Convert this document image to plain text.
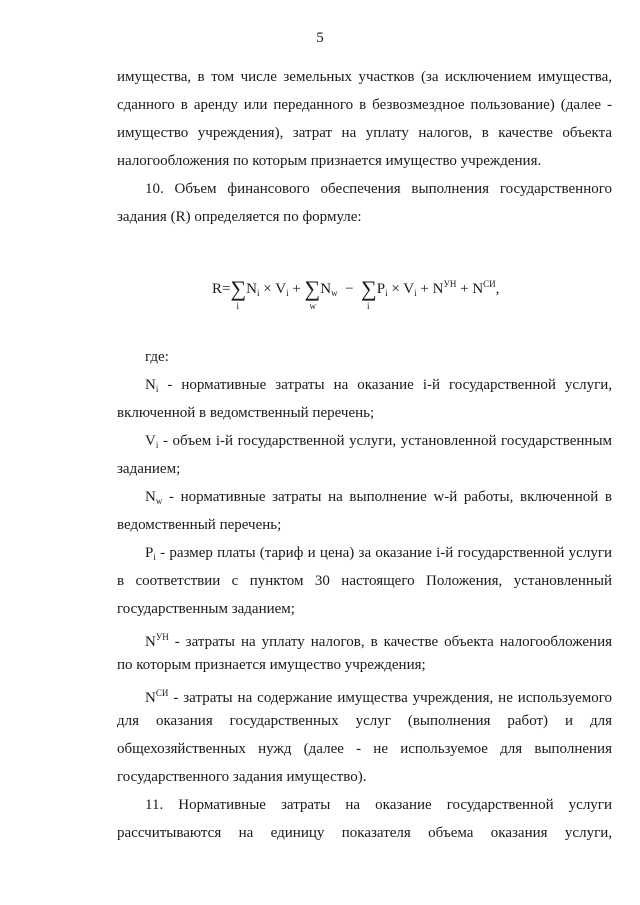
5
имущества, в том числе земельных участков (за исключением имущества,
сданного в аренду или переданного в безвозмездное пользование) (далее -
имущество учреждения), затрат на уплату налогов, в качестве объекта
налогообложения по которым признается имущество учреждения.
10. Объем финансового обеспечения выполнения государственного
задания (R) определяется по формуле:
R=∑
i
$N_i \times V_i$ + ∑
w
$N_w$ − ∑
i
$P_i \times V_i + N^{УН} + N^{СИ}$,
где:
$N_i$ - нормативные затраты на оказание i-й государственной услуги,
включенной в ведомственный перечень;
$V_i$ - объем i-й государственной услуги, установленной государственным
заданием;
$N_w$ - нормативные затраты на выполнение w-й работы, включенной в
ведомственный перечень;
$P_i$ - размер платы (тариф и цена) за оказание i-й государственной услуги
в соответствии с пунктом 30 настоящего Положения, установленный
государственным заданием;
$N^{УН}$ - затраты на уплату налогов, в качестве объекта налогообложения
по которым признается имущество учреждения;
$N^{СИ}$ - затраты на содержание имущества учреждения, не используемого
для оказания государственных услуг (выполнения работ) и для
общехозяйственных нужд (далее - не используемое для выполнения
государственного задания имущество).
11. Нормативные затраты на оказание государственной услуги
рассчитываются на единицу показателя объема оказания услуги,
